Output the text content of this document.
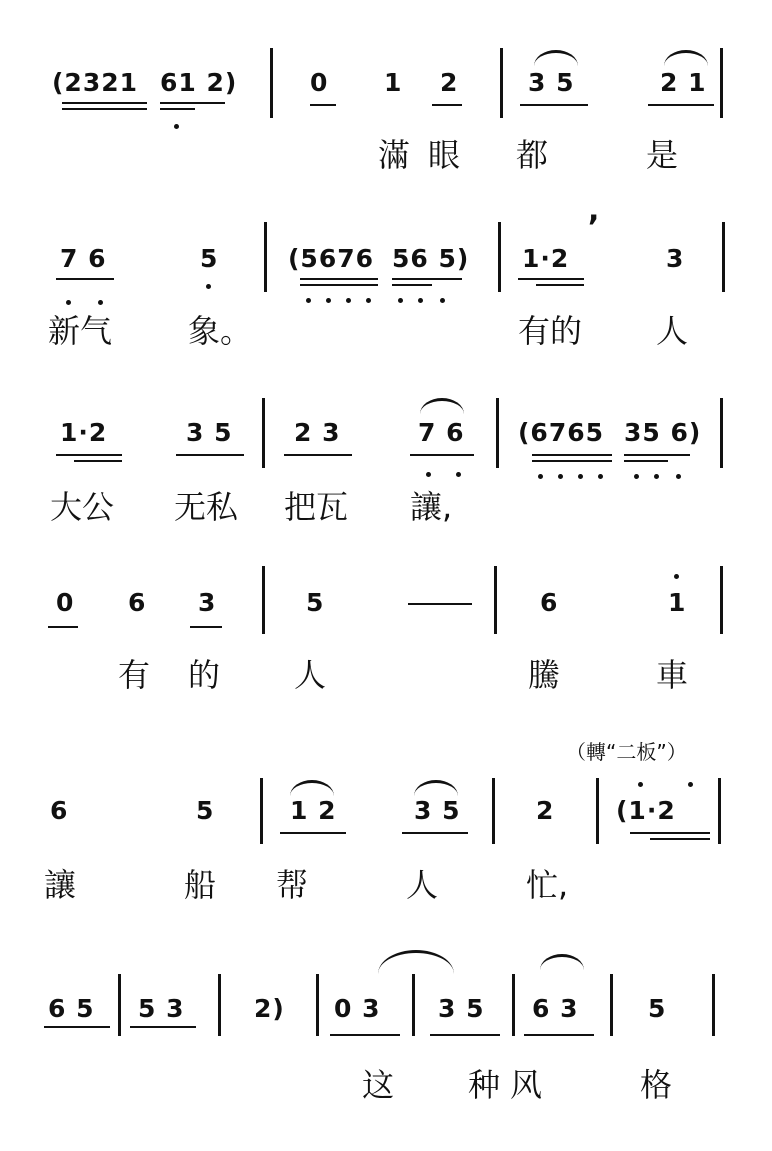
(2321 61 2)	0 1 2	3 5	2 1
滿眼 都	是
,
7 6	5	(5676 56 5) 1·2	3
新气 象。	有的 人
1·2	3 5 2 3	7 6 (6765 35 6)
大公 无私 把瓦 讓,
0 6 3	5	6	1
有 的 人	騰	車
（轉“二板”）
6	5	1 2	3 5	2 (1·2
讓	船 帮	人	忙,
6 5 5 3	2) 0 3 3 5 6 3	5
这 种风	格
